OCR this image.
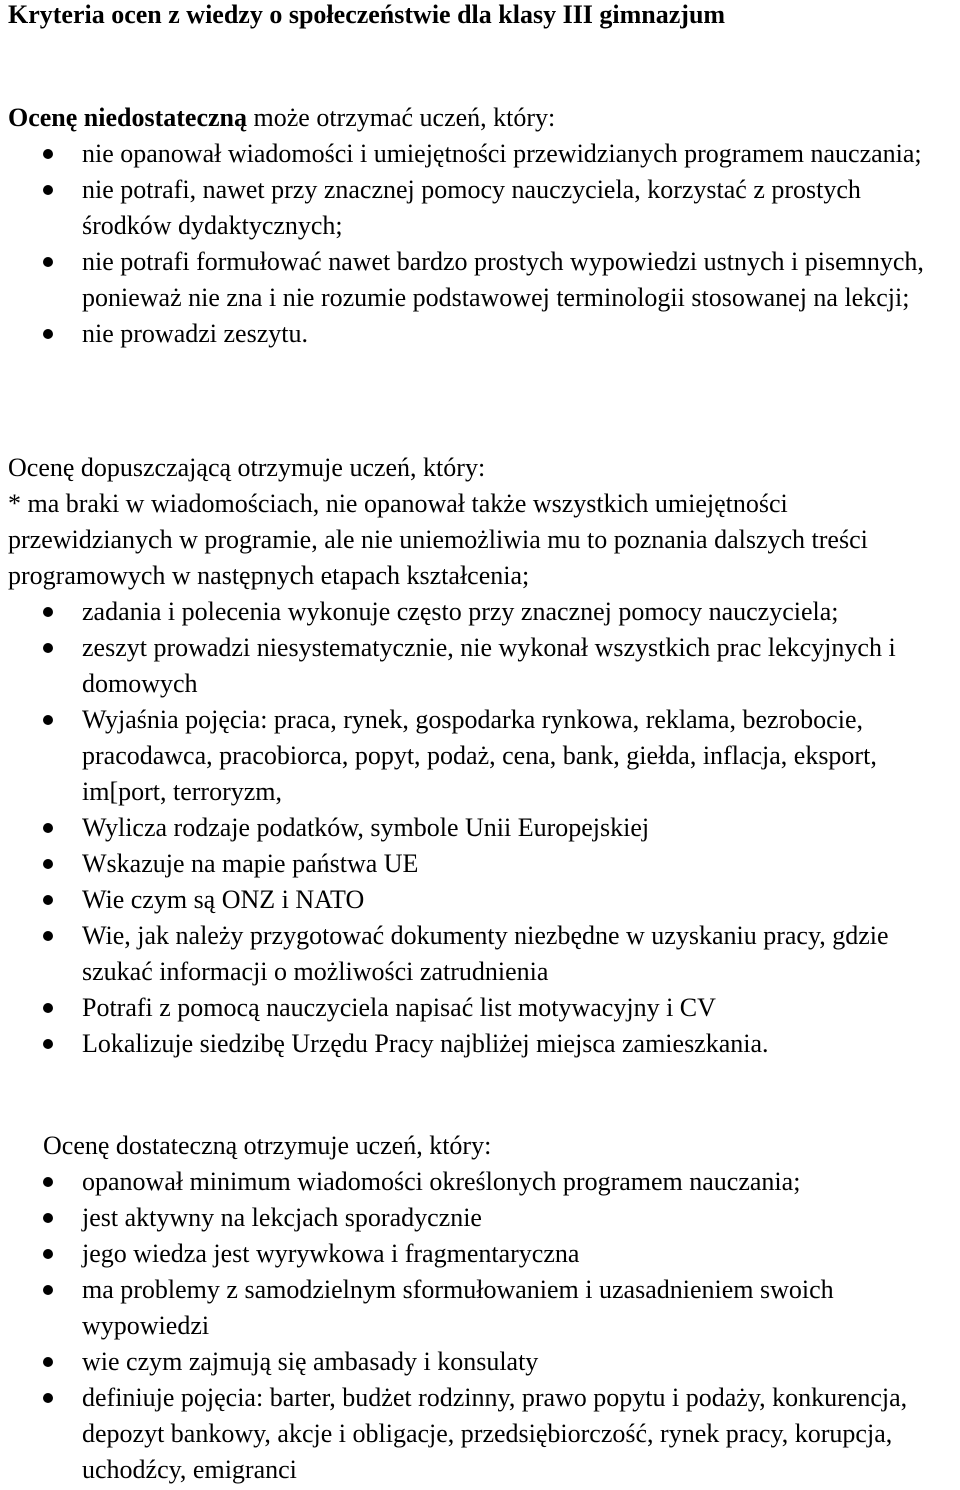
Kryteria ocen z wiedzy o społeczeństwie dla klasy III gimnazjum
Ocenę niedostateczną może otrzymać uczeń, który:
nie opanował wiadomości i umiejętności przewidzianych programem nauczania;
nie potrafi, nawet przy znacznej pomocy nauczyciela, korzystać z prostych środków dydaktycznych;
nie potrafi formułować nawet bardzo prostych wypowiedzi ustnych i pisemnych, ponieważ nie zna i nie rozumie podstawowej terminologii stosowanej na lekcji;
nie prowadzi zeszytu.
Ocenę dopuszczającą otrzymuje uczeń, który:

* ma braki w wiadomościach, nie opanował także wszystkich umiejętności przewidzianych w programie, ale nie uniemożliwia mu to poznania dalszych treści programowych w następnych etapach kształcenia;

zadania i polecenia wykonuje często przy znacznej pomocy nauczyciela;
zeszyt prowadzi niesystematycznie, nie wykonał wszystkich prac lekcyjnych i domowych
Wyjaśnia pojęcia: praca, rynek, gospodarka rynkowa, reklama, bezrobocie, pracodawca, pracobiorca, popyt, podaż, cena, bank, giełda, inflacja, eksport, im[port, terroryzm,
Wylicza rodzaje podatków, symbole Unii Europejskiej
Wskazuje na mapie państwa UE
Wie czym są ONZ i NATO
Wie, jak należy przygotować dokumenty niezbędne w uzyskaniu pracy, gdzie szukać informacji o możliwości zatrudnienia
Potrafi z pomocą nauczyciela napisać list motywacyjny i CV
Lokalizuje siedzibę Urzędu Pracy najbliżej miejsca zamieszkania.
Ocenę dostateczną otrzymuje uczeń, który:
opanował minimum wiadomości określonych programem nauczania;
jest aktywny na lekcjach sporadycznie
jego wiedza jest wyrywkowa i fragmentaryczna
ma problemy z samodzielnym sformułowaniem i uzasadnieniem swoich wypowiedzi
wie czym zajmują się ambasady i konsulaty
definiuje pojęcia: barter, budżet rodzinny, prawo popytu i podaży, konkurencja, depozyt bankowy, akcje i obligacje, przedsiębiorczość, rynek pracy, korupcja, uchodźcy, emigranci
